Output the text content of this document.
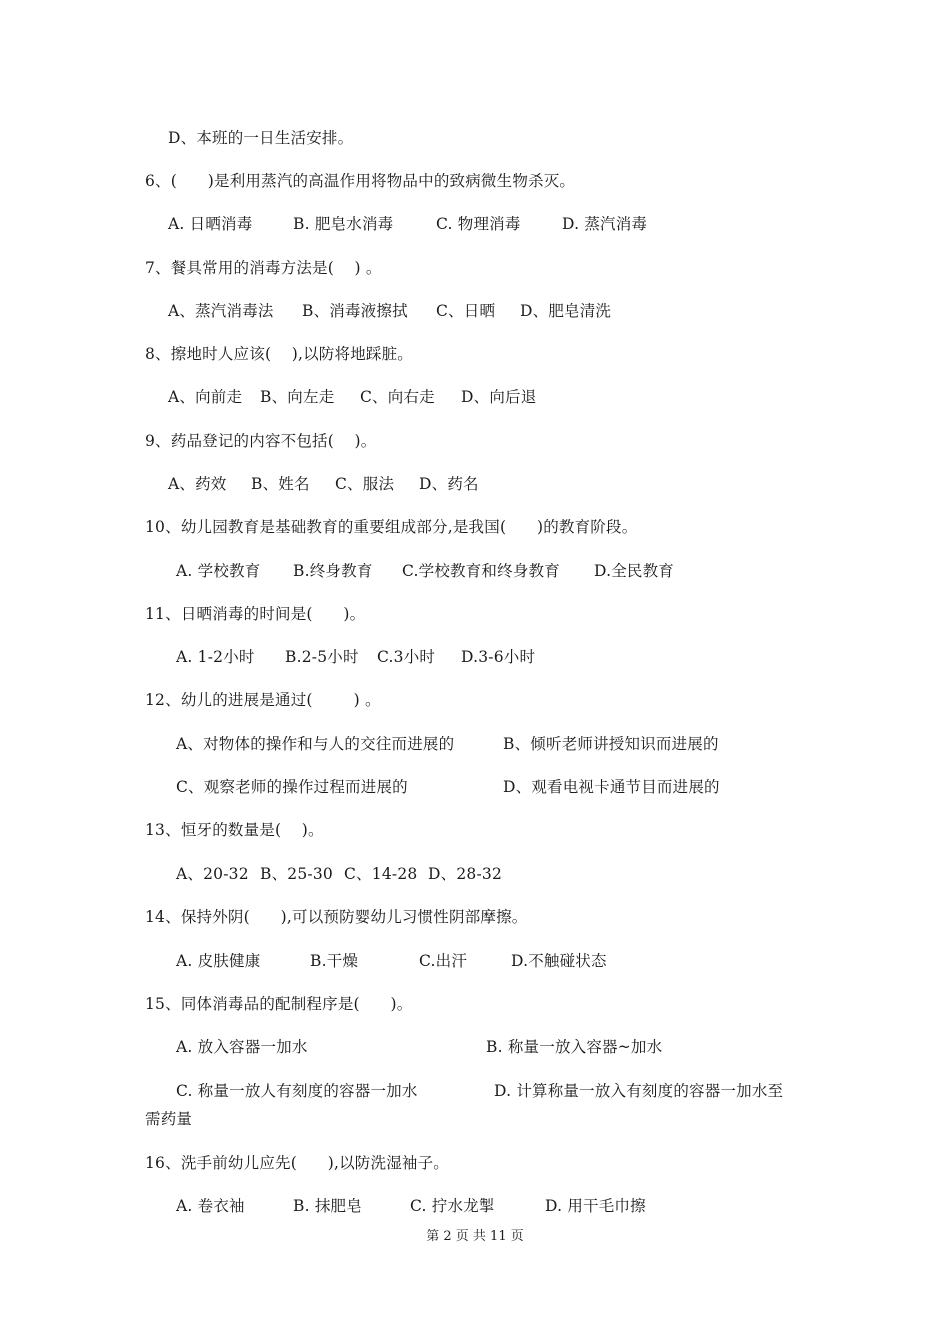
D、本班的一日生活安排。
6、(      )是利用蒸汽的高温作用将物品中的致病微生物杀灭。
A. 日晒消毒	B. 肥皂水消毒	C. 物理消毒	D. 蒸汽消毒
7、餐具常用的消毒方法是(    ) 。
A、蒸汽消毒法 B、消毒液擦拭 C、日晒 D、肥皂清洗
8、擦地时人应该(    ),以防将地踩脏。
A、向前走 B、向左走 C、向右走 D、向后退
9、药品登记的内容不包括(    )。
A、药效 B、姓名 C、服法 D、药名
10、幼儿园教育是基础教育的重要组成部分,是我国(      )的教育阶段。
A. 学校教育 B.终身教育 C.学校教育和终身教育 D.全民教育
11、日晒消毒的时间是(      )。
A. 1-2小时 B.2-5小时 C.3小时 D.3-6小时
12、幼儿的进展是通过(        ) 。
A、对物体的操作和与人的交往而进展的	B、倾听老师讲授知识而进展的
C、观察老师的操作过程而进展的	D、观看电视卡通节目而进展的
13、恒牙的数量是(    )。
A、20-32 B、25-30 C、14-28 D、28-32
14、保持外阴(      ),可以预防婴幼儿习惯性阴部摩擦。
A. 皮肤健康	B.干燥	C.出汗	D.不触碰状态
15、同体消毒品的配制程序是(      )。
A. 放入容器一加水	B. 称量一放入容器~加水
C. 称量一放人有刻度的容器一加水	D. 计算称量一放入有刻度的容器一加水至
需药量
16、洗手前幼儿应先(      ),以防洗湿袖子。
A. 卷衣袖	B. 抹肥皂	C. 拧水龙掣	D. 用干毛巾擦
第 2 页 共 11 页
